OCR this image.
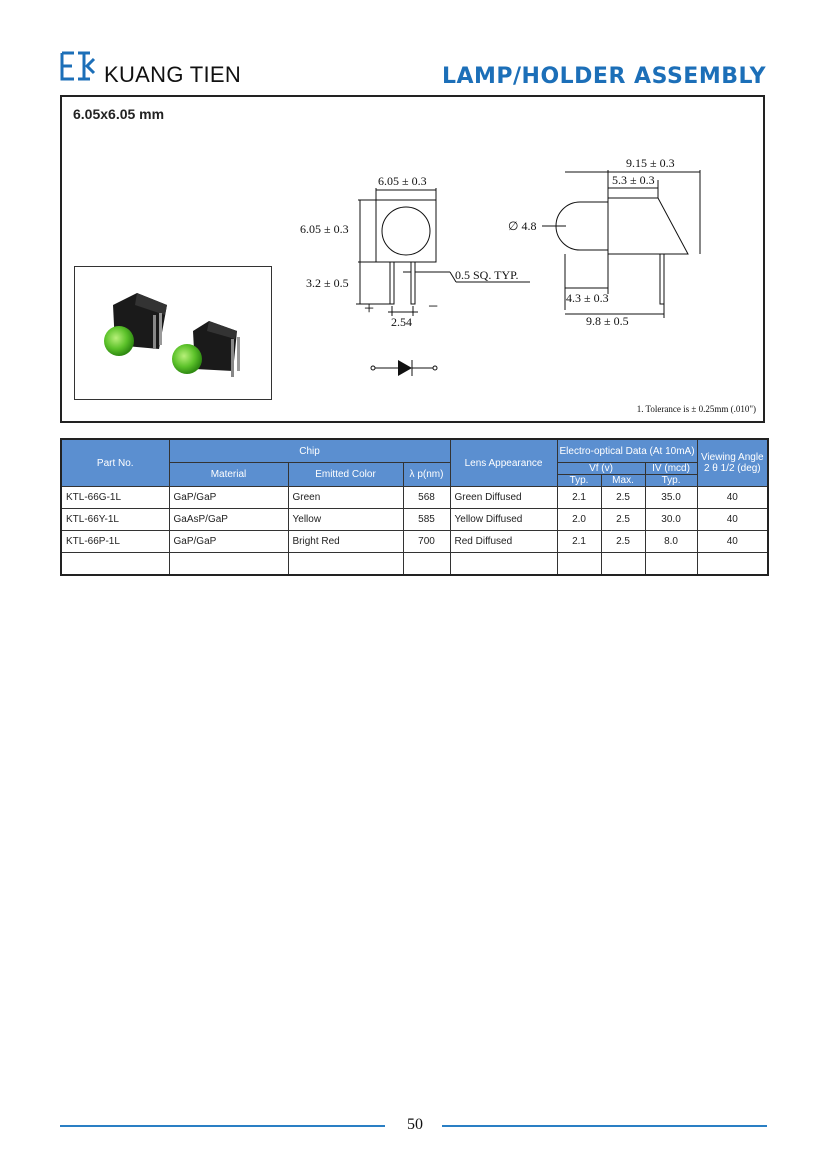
KUANG TIEN	LAMP/HOLDER ASSEMBLY
6.05x6.05 mm
6.05 ± 0.3
6.05 ± 0.3
3.2 ± 0.5
0.5 SQ. TYP.
2.54
+	−
∅ 4.8
9.15 ± 0.3
5.3 ± 0.3
4.3 ± 0.3
9.8 ± 0.5
1. Tolerance is ± 0.25mm (.010")
Part No.	Chip			Lens Appearance	Electro-optical Data (At 10mA)			Viewing Angle 2 θ 1/2 (deg)
	Material	Emitted Color	λ p(nm)		Vf (v)		IV (mcd)	
					Typ.	Max.	Typ.	
KTL-66G-1L	GaP/GaP	Green	568	Green Diffused	2.1	2.5	35.0	40
KTL-66Y-1L	GaAsP/GaP	Yellow	585	Yellow Diffused	2.0	2.5	30.0	40
KTL-66P-1L	GaP/GaP	Bright Red	700	Red Diffused	2.1	2.5	8.0	40

50
